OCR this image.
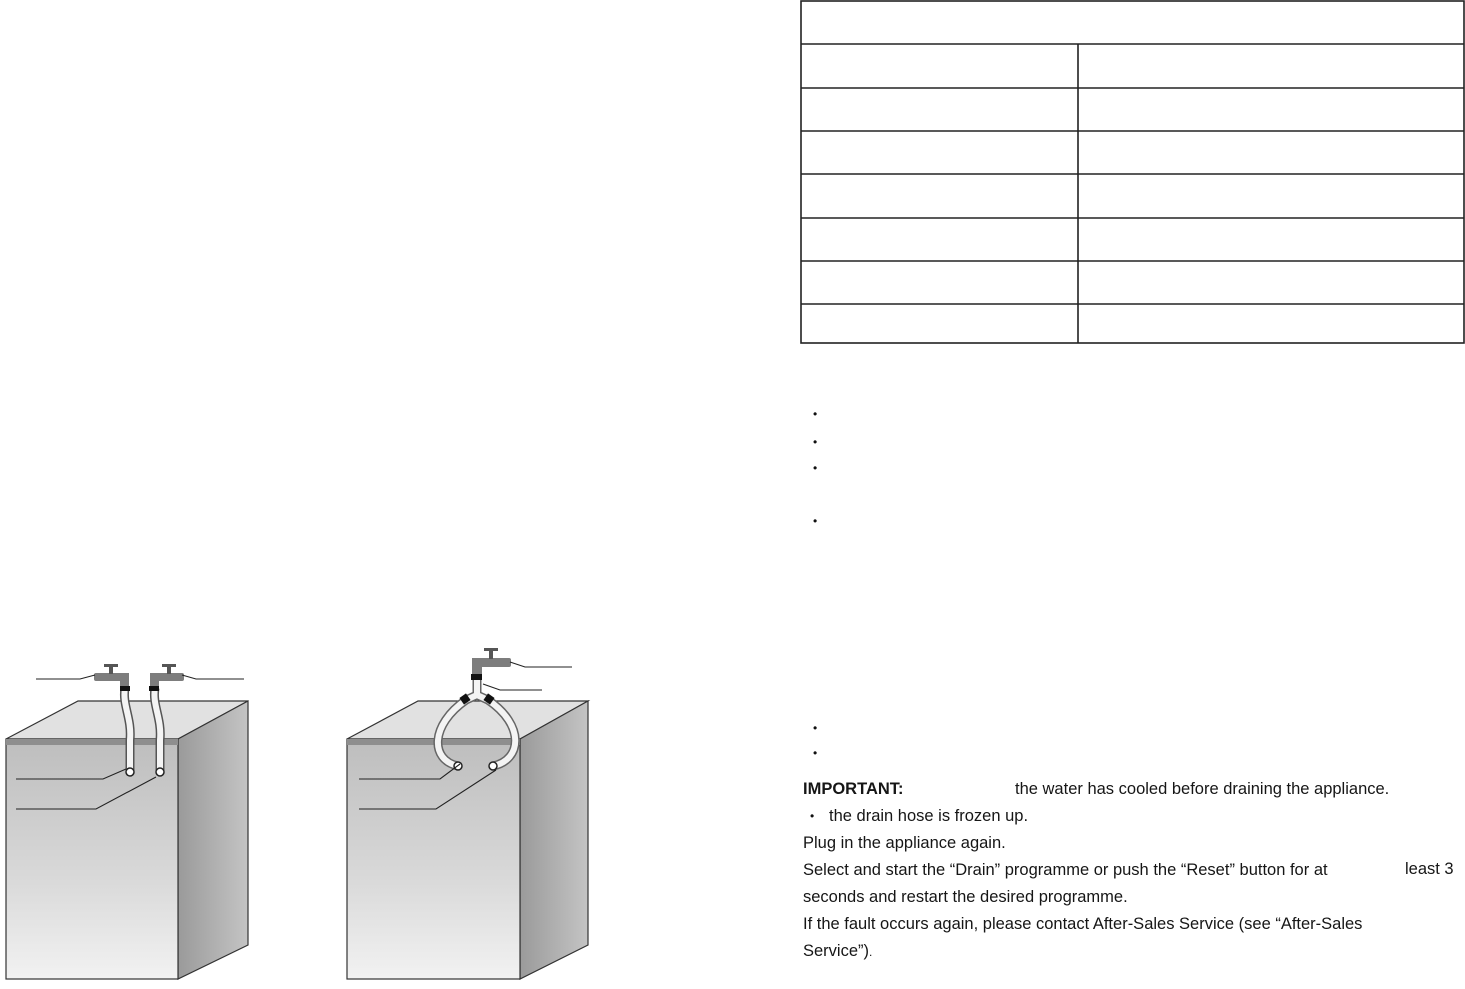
•
•
•
•
•
•
IMPORTANT:	the water has cooled before draining the appliance.
•
the drain hose is frozen up.
Plug in the appliance again.
Select and start the “Drain” programme or push the “Reset” button for at	least 3
seconds and restart the desired programme.
If the fault occurs again, please contact After-Sales Service (see “After-Sales
Service”).
